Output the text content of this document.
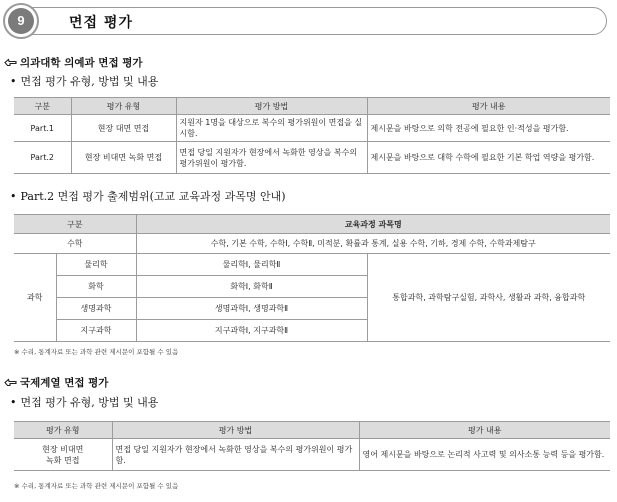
9	면접 평가
의과대학 의예과 면접 평가
• 면접 평가 유형, 방법 및 내용
구분	평가 유형	평가 방법	평가 내용
Part.1	현장 대면 면접	지원자 1명을 대상으로 복수의 평가위원이 면접을 실시함.	제시문을 바탕으로 의학 전공에 필요한 인·적성을 평가함.
Part.2	현장 비대면 녹화 면접	면접 당일 지원자가 현장에서 녹화한 영상을 복수의 평가위원이 평가함.	제시문을 바탕으로 대학 수학에 필요한 기본 학업 역량을 평가함.
• Part.2 면접 평가 출제범위(고교 교육과정 과목명 안내)
구분		교육과정 과목명	
수학		수학, 기본 수학, 수학Ⅰ, 수학Ⅱ, 미적분, 확률과 통계, 실용 수학, 기하, 경제 수학, 수학과제탐구	
과학	물리학	물리학Ⅰ, 물리학Ⅱ	통합과학, 과학탐구실험, 과학사, 생활과 과학, 융합과학
	화학	화학Ⅰ, 화학Ⅱ	
	생명과학	생명과학Ⅰ, 생명과학Ⅱ	
	지구과학	지구과학Ⅰ, 지구과학Ⅱ	
※ 수리, 통계자료 또는 과학 관련 제시문이 포함될 수 있음
국제계열 면접 평가
• 면접 평가 유형, 방법 및 내용
평가 유형	평가 방법	평가 내용
현장 비대면
녹화 면접	면접 당일 지원자가 현장에서 녹화한 영상을 복수의 평가위원이 평가함.	영어 제시문을 바탕으로 논리적 사고력 및 의사소통 능력 등을 평가함.
※ 수리, 통계자료 또는 과학 관련 제시문이 포함될 수 있음
